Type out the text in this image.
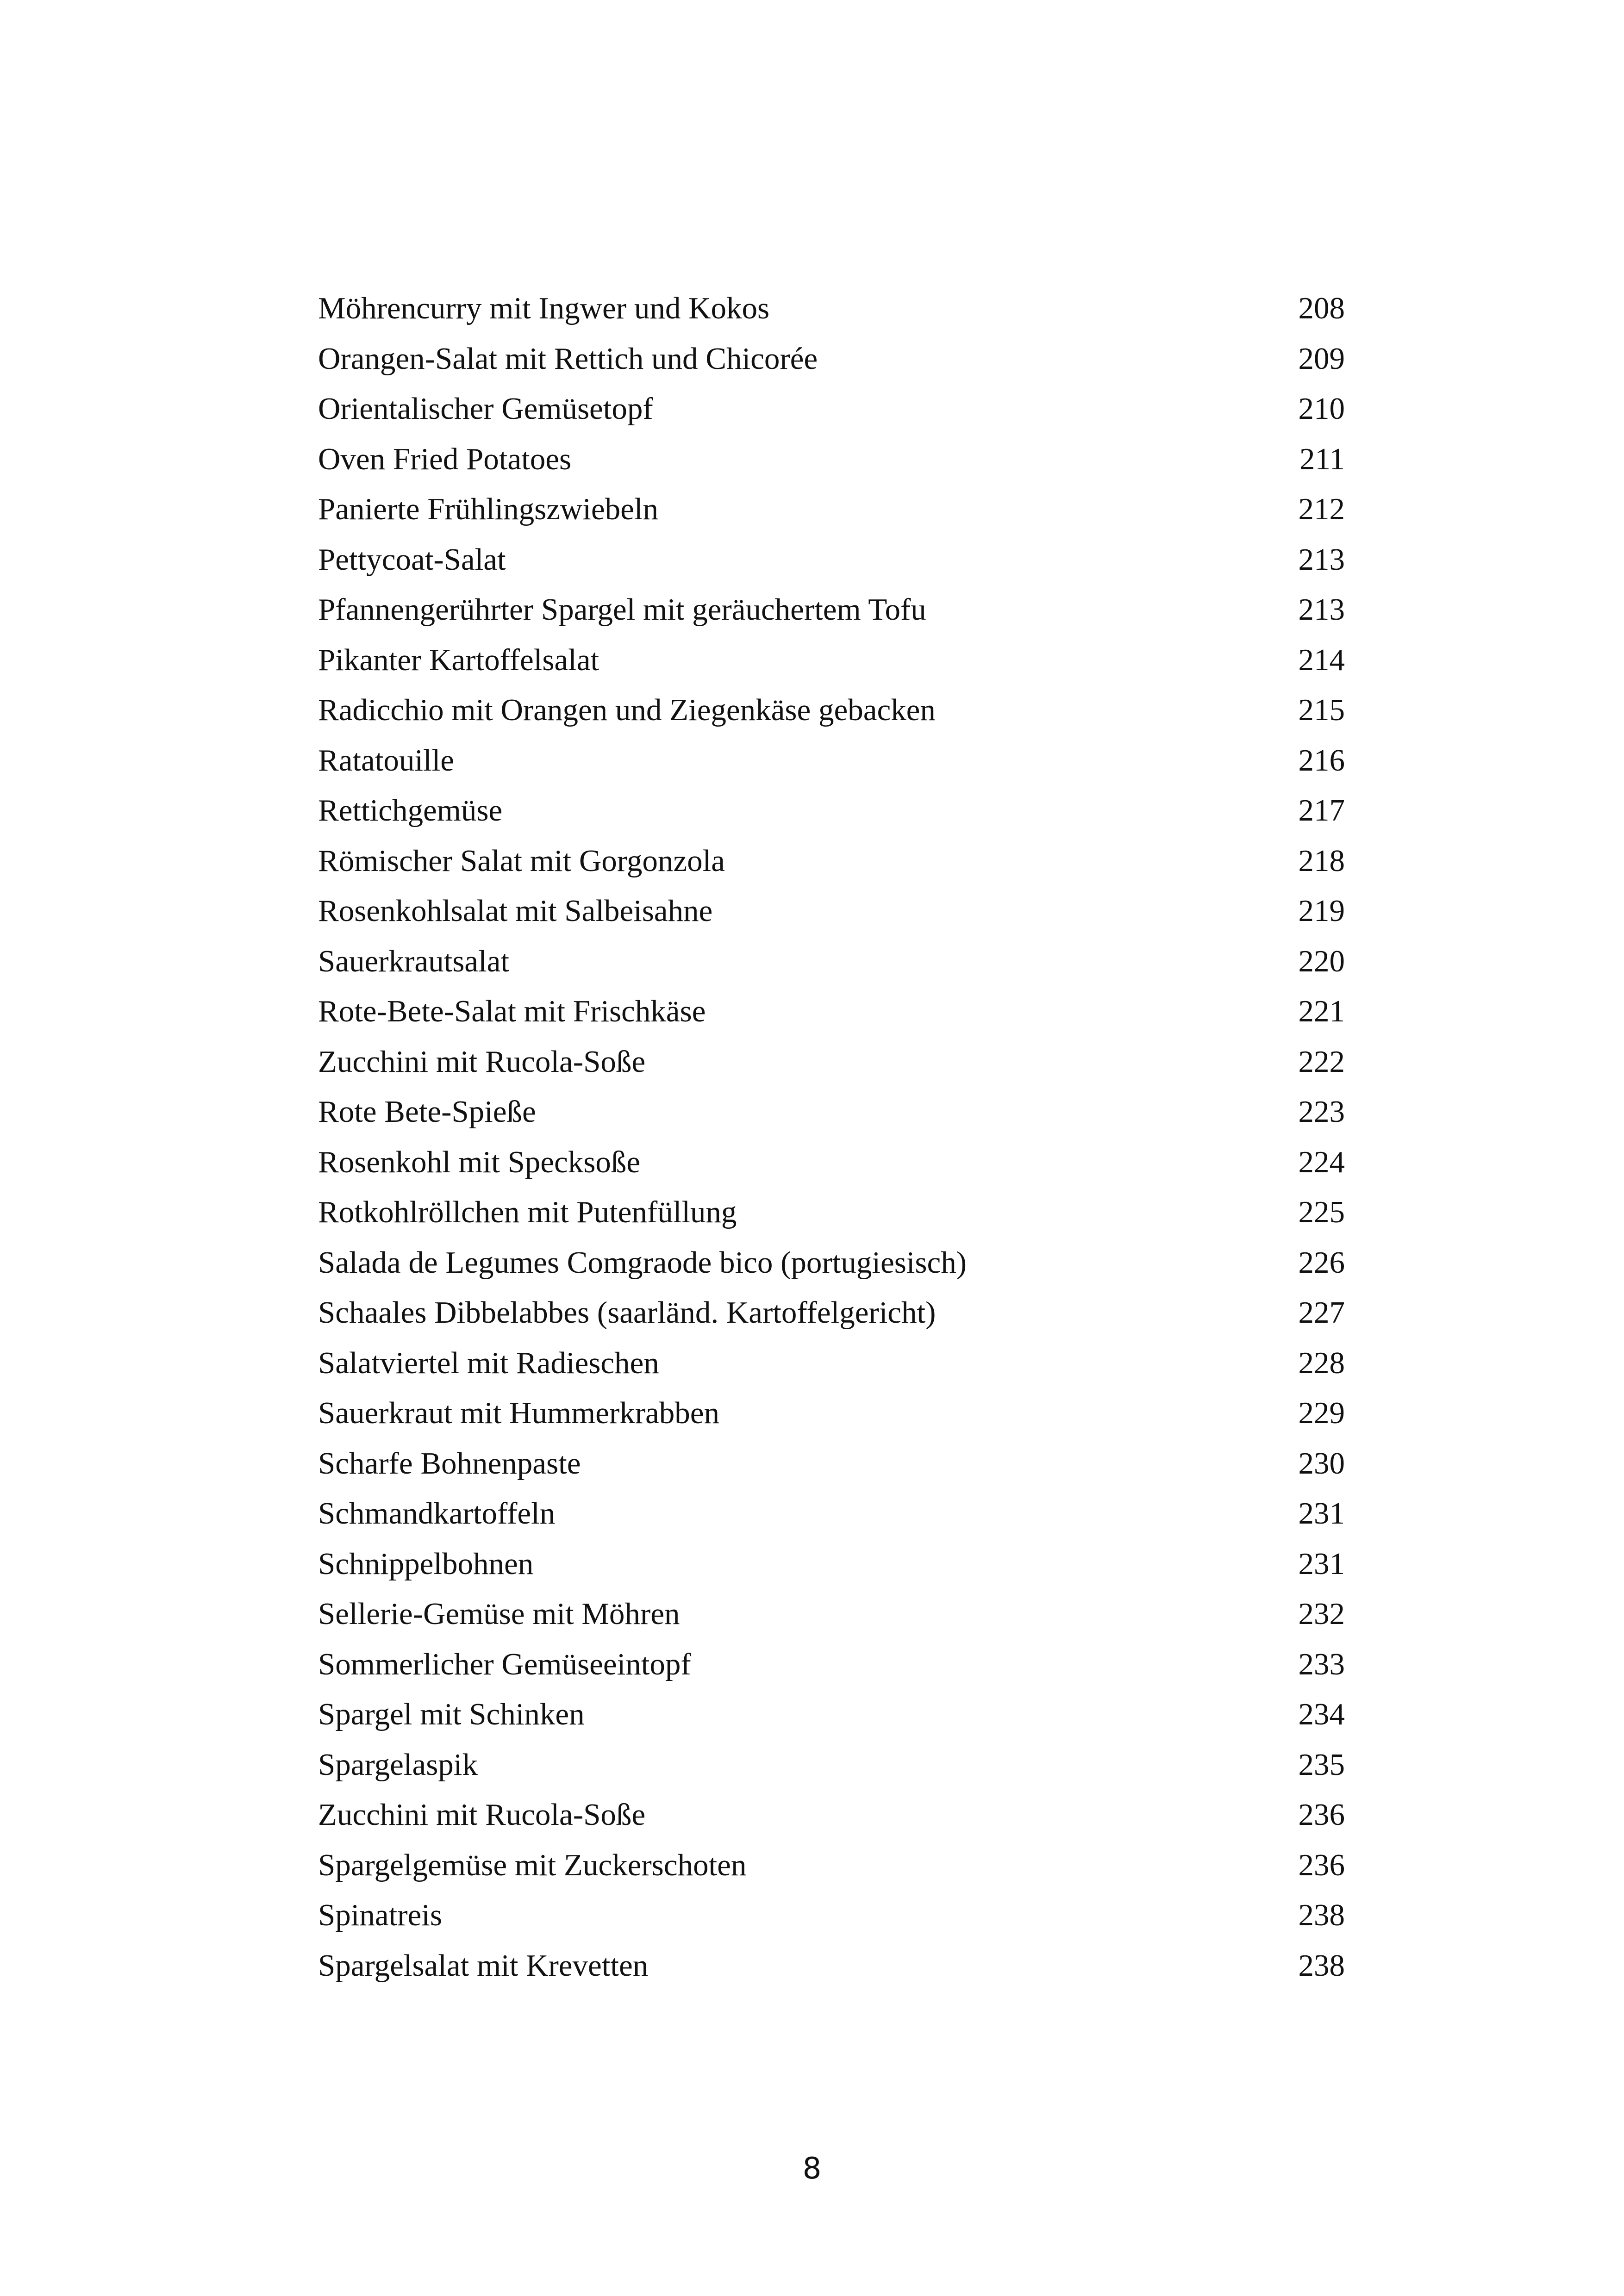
Möhrencurry mit Ingwer und Kokos	208
Orangen-Salat mit Rettich und Chicorée	209
Orientalischer Gemüsetopf	210
Oven Fried Potatoes	211
Panierte Frühlingszwiebeln	212
Pettycoat-Salat	213
Pfannengerührter Spargel mit geräuchertem Tofu	213
Pikanter Kartoffelsalat	214
Radicchio mit Orangen und Ziegenkäse gebacken	215
Ratatouille	216
Rettichgemüse	217
Römischer Salat mit Gorgonzola	218
Rosenkohlsalat mit Salbeisahne	219
Sauerkrautsalat	220
Rote-Bete-Salat mit Frischkäse	221
Zucchini mit Rucola-Soße	222
Rote Bete-Spieße	223
Rosenkohl mit Specksoße	224
Rotkohlröllchen mit Putenfüllung	225
Salada de Legumes Comgraode bico (portugiesisch)	226
Schaales Dibbelabbes (saarländ. Kartoffelgericht)	227
Salatviertel mit Radieschen	228
Sauerkraut mit Hummerkrabben	229
Scharfe Bohnenpaste	230
Schmandkartoffeln	231
Schnippelbohnen	231
Sellerie-Gemüse mit Möhren	232
Sommerlicher Gemüseeintopf	233
Spargel mit Schinken	234
Spargelaspik	235
Zucchini mit Rucola-Soße	236
Spargelgemüse mit Zuckerschoten	236
Spinatreis	238
Spargelsalat mit Krevetten	238
8
